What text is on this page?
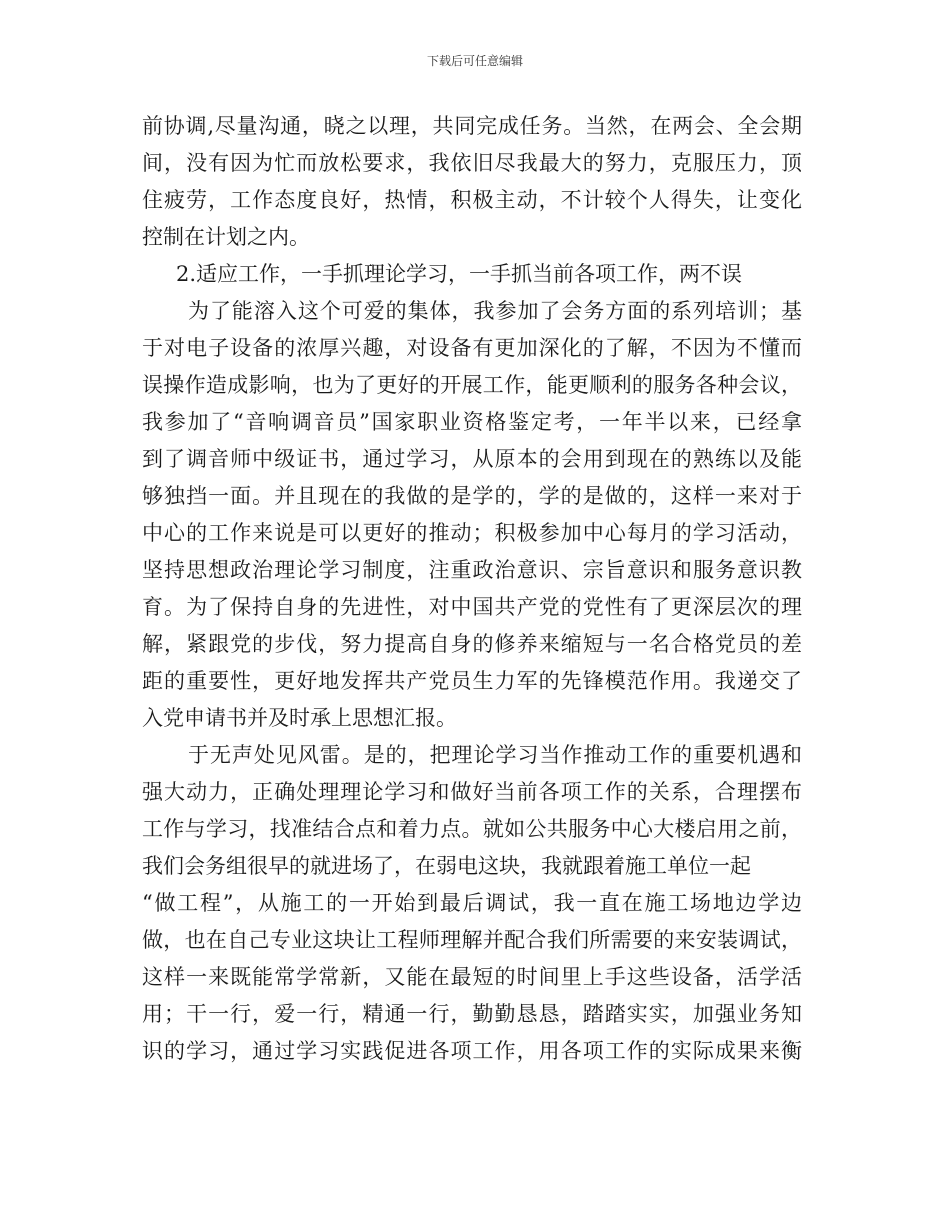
下载后可任意编辑
前协调,尽量沟通，晓之以理，共同完成任务。当然，在两会、全会期
间，没有因为忙而放松要求，我依旧尽我最大的努力，克服压力，顶
住疲劳，工作态度良好，热情，积极主动，不计较个人得失，让变化
控制在计划之内。
2.适应工作，一手抓理论学习，一手抓当前各项工作，两不误
为了能溶入这个可爱的集体，我参加了会务方面的系列培训；基
于对电子设备的浓厚兴趣，对设备有更加深化的了解，不因为不懂而
误操作造成影响，也为了更好的开展工作，能更顺利的服务各种会议，
我参加了“音响调音员”国家职业资格鉴定考，一年半以来，已经拿
到了调音师中级证书，通过学习，从原本的会用到现在的熟练以及能
够独挡一面。并且现在的我做的是学的，学的是做的，这样一来对于
中心的工作来说是可以更好的推动；积极参加中心每月的学习活动，
坚持思想政治理论学习制度，注重政治意识、宗旨意识和服务意识教
育。为了保持自身的先进性，对中国共产党的党性有了更深层次的理
解，紧跟党的步伐，努力提高自身的修养来缩短与一名合格党员的差
距的重要性，更好地发挥共产党员生力军的先锋模范作用。我递交了
入党申请书并及时承上思想汇报。
于无声处见风雷。是的，把理论学习当作推动工作的重要机遇和
强大动力，正确处理理论学习和做好当前各项工作的关系，合理摆布
工作与学习，找准结合点和着力点。就如公共服务中心大楼启用之前，
我们会务组很早的就进场了，在弱电这块，我就跟着施工单位一起
“做工程”，从施工的一开始到最后调试，我一直在施工场地边学边
做，也在自己专业这块让工程师理解并配合我们所需要的来安装调试，
这样一来既能常学常新，又能在最短的时间里上手这些设备，活学活
用；干一行，爱一行，精通一行，勤勤恳恳，踏踏实实，加强业务知
识的学习，通过学习实践促进各项工作，用各项工作的实际成果来衡
